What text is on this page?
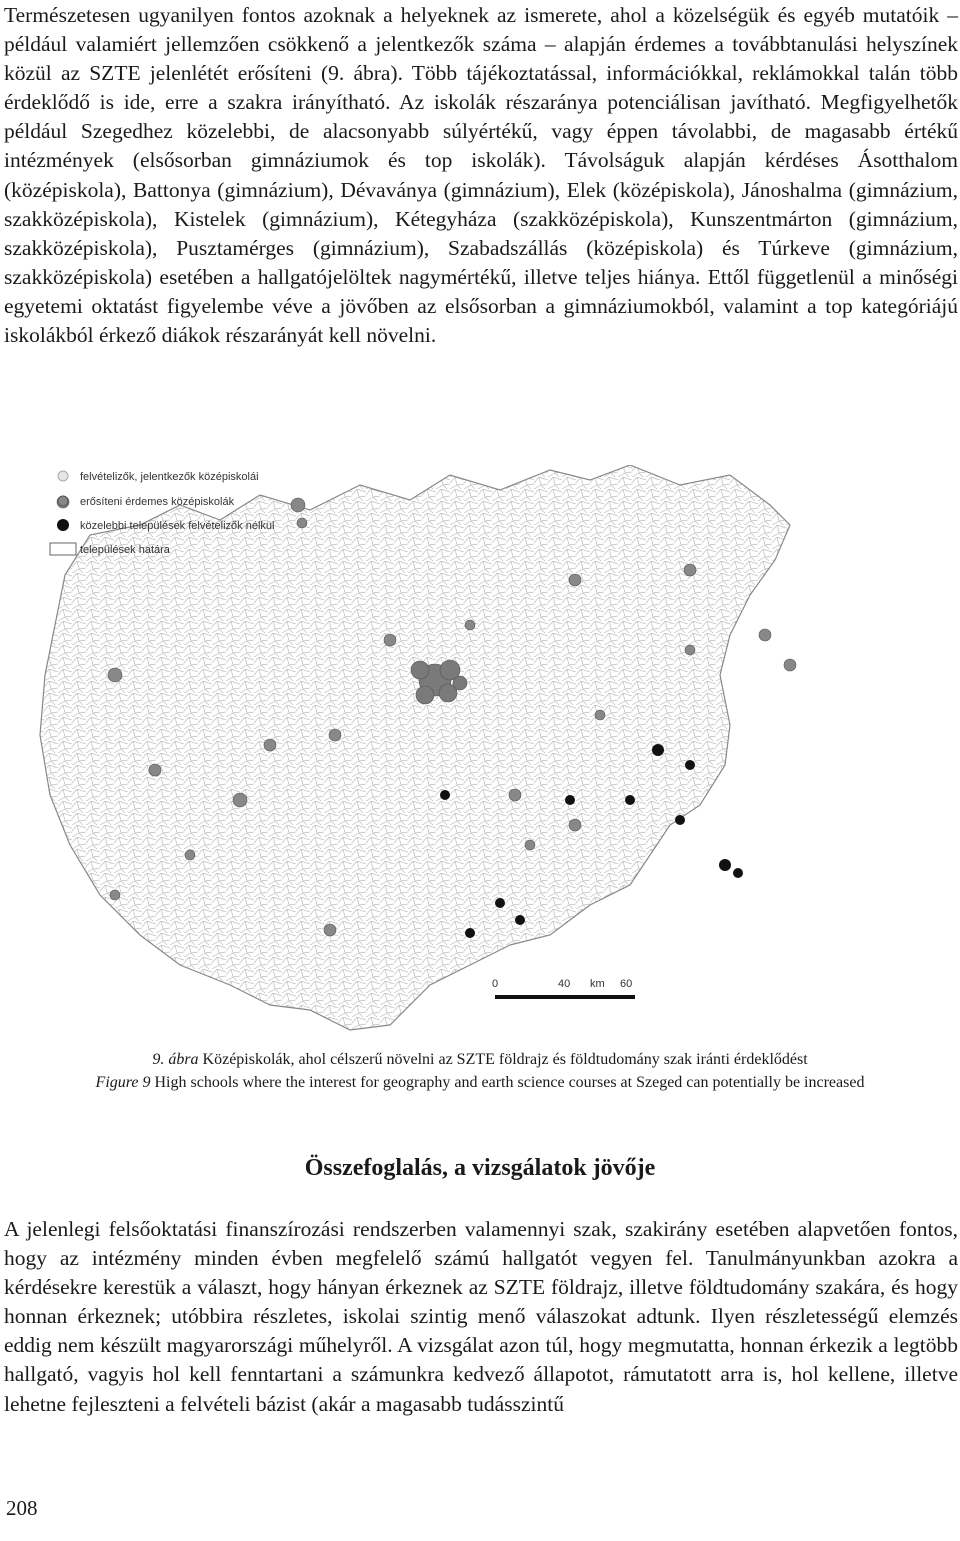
Természetesen ugyanilyen fontos azoknak a helyeknek az ismerete, ahol a közelségük és egyéb mutatóik – például valamiért jellemzően csökkenő a jelentkezők száma – alapján érdemes a továbbtanulási helyszínek közül az SZTE jelenlétét erősíteni (9. ábra). Több tájékoztatással, információkkal, reklámokkal talán több érdeklődő is ide, erre a szakra irányítható. Az iskolák részaránya potenciálisan javítható. Megfigyelhetők például Szegedhez közelebbi, de alacsonyabb súlyértékű, vagy éppen távolabbi, de magasabb értékű intézmények (elsősorban gimnáziumok és top iskolák). Távolságuk alapján kérdéses Ásotthalom (középiskola), Battonya (gimnázium), Dévaványa (gimnázium), Elek (középiskola), Jánoshalma (gimnázium, szakközépiskola), Kistelek (gimnázium), Kétegyháza (szakközépiskola), Kunszentmárton (gimnázium, szakközépiskola), Pusztamérges (gimnázium), Szabadszállás (középiskola) és Túrkeve (gimnázium, szakközépiskola) esetében a hallgatójelöltek nagymértékű, illetve teljes hiánya. Ettől függetlenül a minőségi egyetemi oktatást figyelembe véve a jövőben az elsősorban a gimnáziumokból, valamint a top kategóriájú iskolákból érkező diákok részarányát kell növelni.
felvételizők, jelentkezők középiskolái
erősíteni érdemes középiskolák
közelebbi települések felvételizők nélkül
települések határa
0	40 km 60
9. ábra Középiskolák, ahol célszerű növelni az SZTE földrajz és földtudomány szak iránti érdeklődést
Figure 9 High schools where the interest for geography and earth science courses at Szeged can potentially be increased
Összefoglalás, a vizsgálatok jövője
A jelenlegi felsőoktatási finanszírozási rendszerben valamennyi szak, szakirány esetében alapvetően fontos, hogy az intézmény minden évben megfelelő számú hallgatót vegyen fel. Tanulmányunkban azokra a kérdésekre kerestük a választ, hogy hányan érkeznek az SZTE földrajz, illetve földtudomány szakára, és hogy honnan érkeznek; utóbbira részletes, iskolai szintig menő válaszokat adtunk. Ilyen részletességű elemzés eddig nem készült magyarországi műhelyről. A vizsgálat azon túl, hogy megmutatta, honnan érkezik a legtöbb hallgató, vagyis hol kell fenntartani a számunkra kedvező állapotot, rámutatott arra is, hol kellene, illetve lehetne fejleszteni a felvételi bázist (akár a magasabb tudásszintű
208
